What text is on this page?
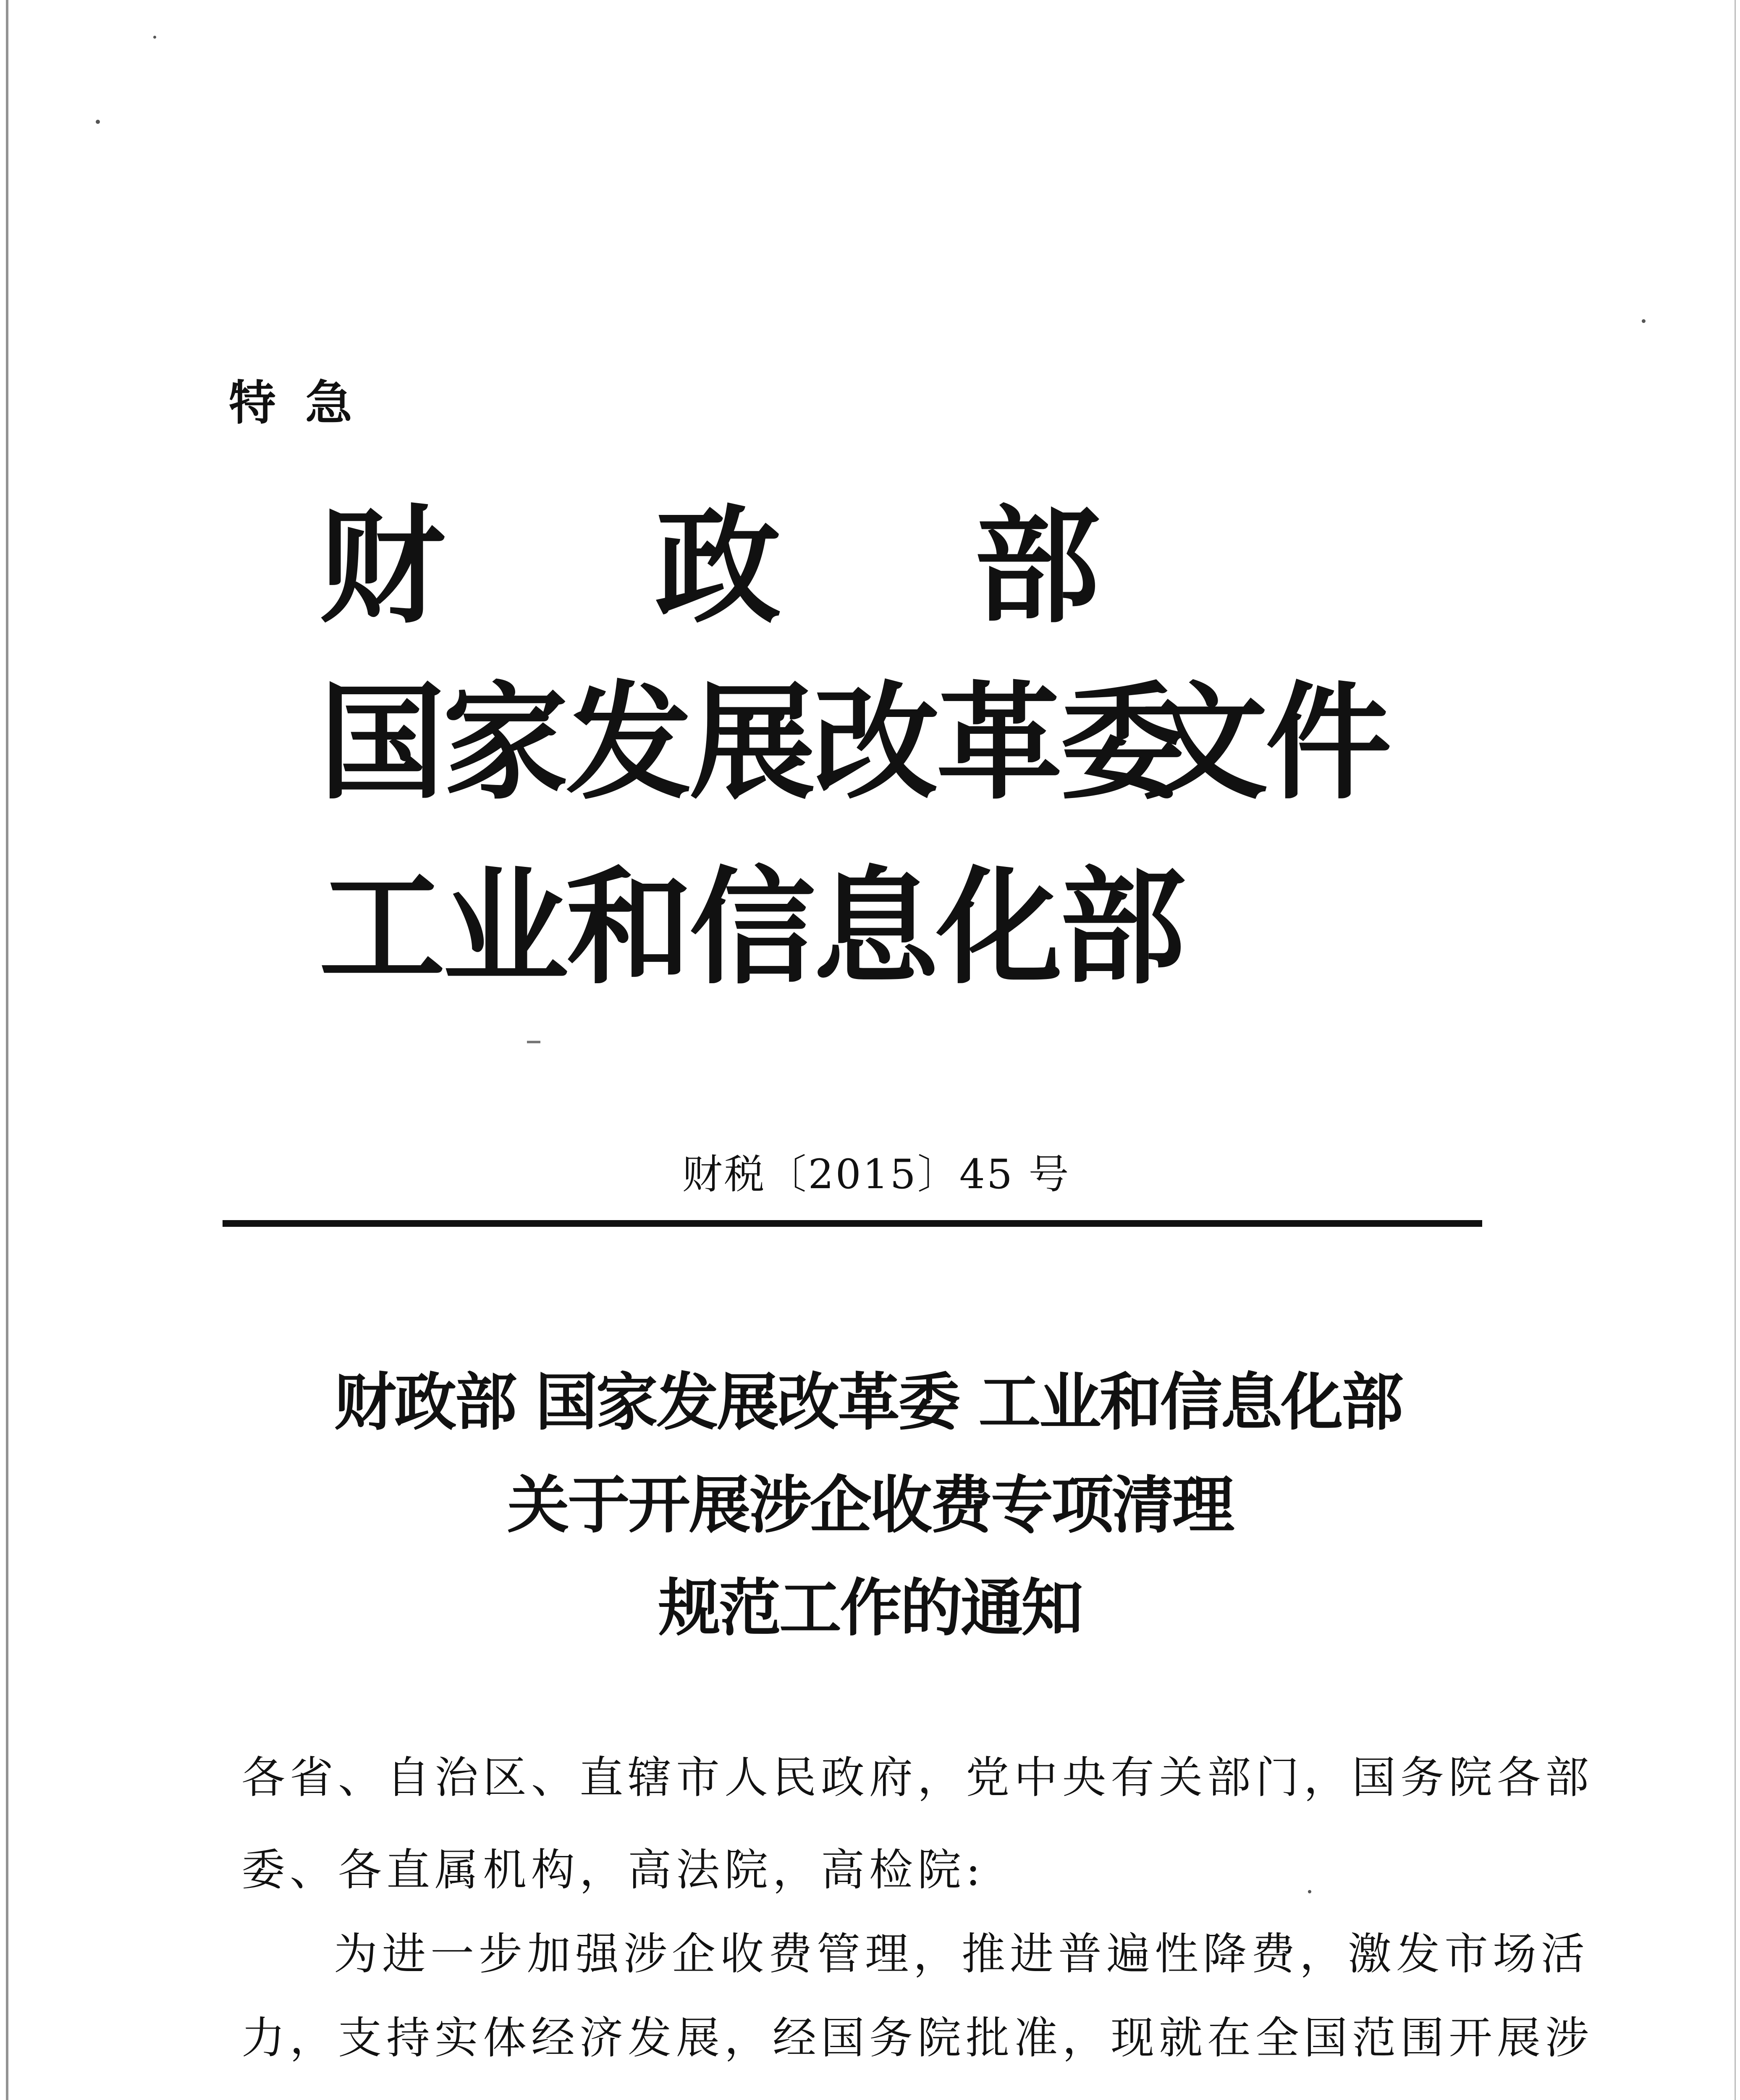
特急
财 政 部
国家发展改革委
工业和信息化部
文件
财税〔2015〕45 号
财政部 国家发展改革委 工业和信息化部
关于开展涉企收费专项清理
规范工作的通知
各省、自治区、直辖市人民政府，党中央有关部门，国务院各部
委、各直属机构，高法院，高检院:
为进一步加强涉企收费管理，推进普遍性降费，激发市场活
力，支持实体经济发展，经国务院批准，现就在全国范围开展涉
